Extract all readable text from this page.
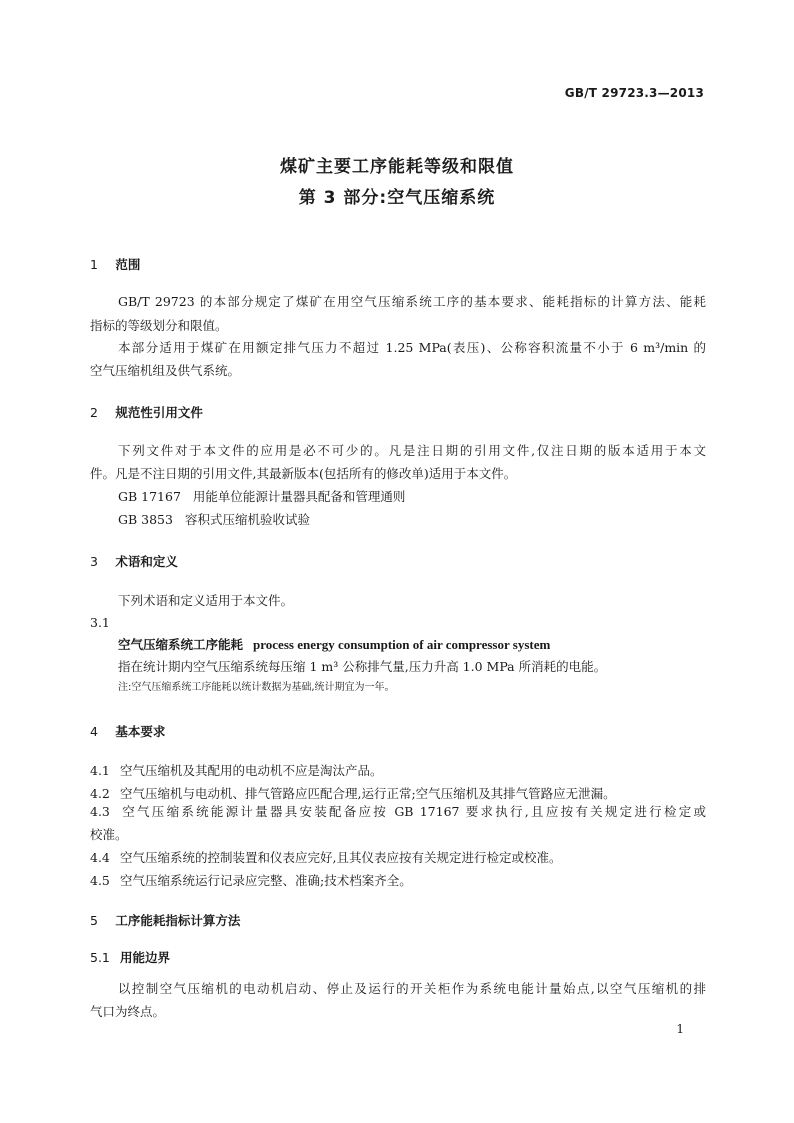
GB/T 29723.3—2013
煤矿主要工序能耗等级和限值
第 3 部分:空气压缩系统
1 范围
GB/T 29723 的本部分规定了煤矿在用空气压缩系统工序的基本要求、能耗指标的计算方法、能耗
指标的等级划分和限值。
本部分适用于煤矿在用额定排气压力不超过 1.25 MPa(表压)、公称容积流量不小于 6 m³/min 的
空气压缩机组及供气系统。
2 规范性引用文件
下列文件对于本文件的应用是必不可少的。凡是注日期的引用文件,仅注日期的版本适用于本文
件。凡是不注日期的引用文件,其最新版本(包括所有的修改单)适用于本文件。
GB 17167 用能单位能源计量器具配备和管理通则
GB 3853 容积式压缩机验收试验
3 术语和定义
下列术语和定义适用于本文件。
3.1
空气压缩系统工序能耗 process energy consumption of air compressor system
指在统计期内空气压缩系统每压缩 1 m³ 公称排气量,压力升高 1.0 MPa 所消耗的电能。
注:空气压缩系统工序能耗以统计数据为基础,统计期宜为一年。
4 基本要求
4.1 空气压缩机及其配用的电动机不应是淘汰产品。
4.2 空气压缩机与电动机、排气管路应匹配合理,运行正常;空气压缩机及其排气管路应无泄漏。
4.3 空气压缩系统能源计量器具安装配备应按 GB 17167 要求执行,且应按有关规定进行检定或
校准。
4.4 空气压缩系统的控制装置和仪表应完好,且其仪表应按有关规定进行检定或校准。
4.5 空气压缩系统运行记录应完整、准确;技术档案齐全。
5 工序能耗指标计算方法
5.1 用能边界
以控制空气压缩机的电动机启动、停止及运行的开关柜作为系统电能计量始点,以空气压缩机的排
气口为终点。
1
